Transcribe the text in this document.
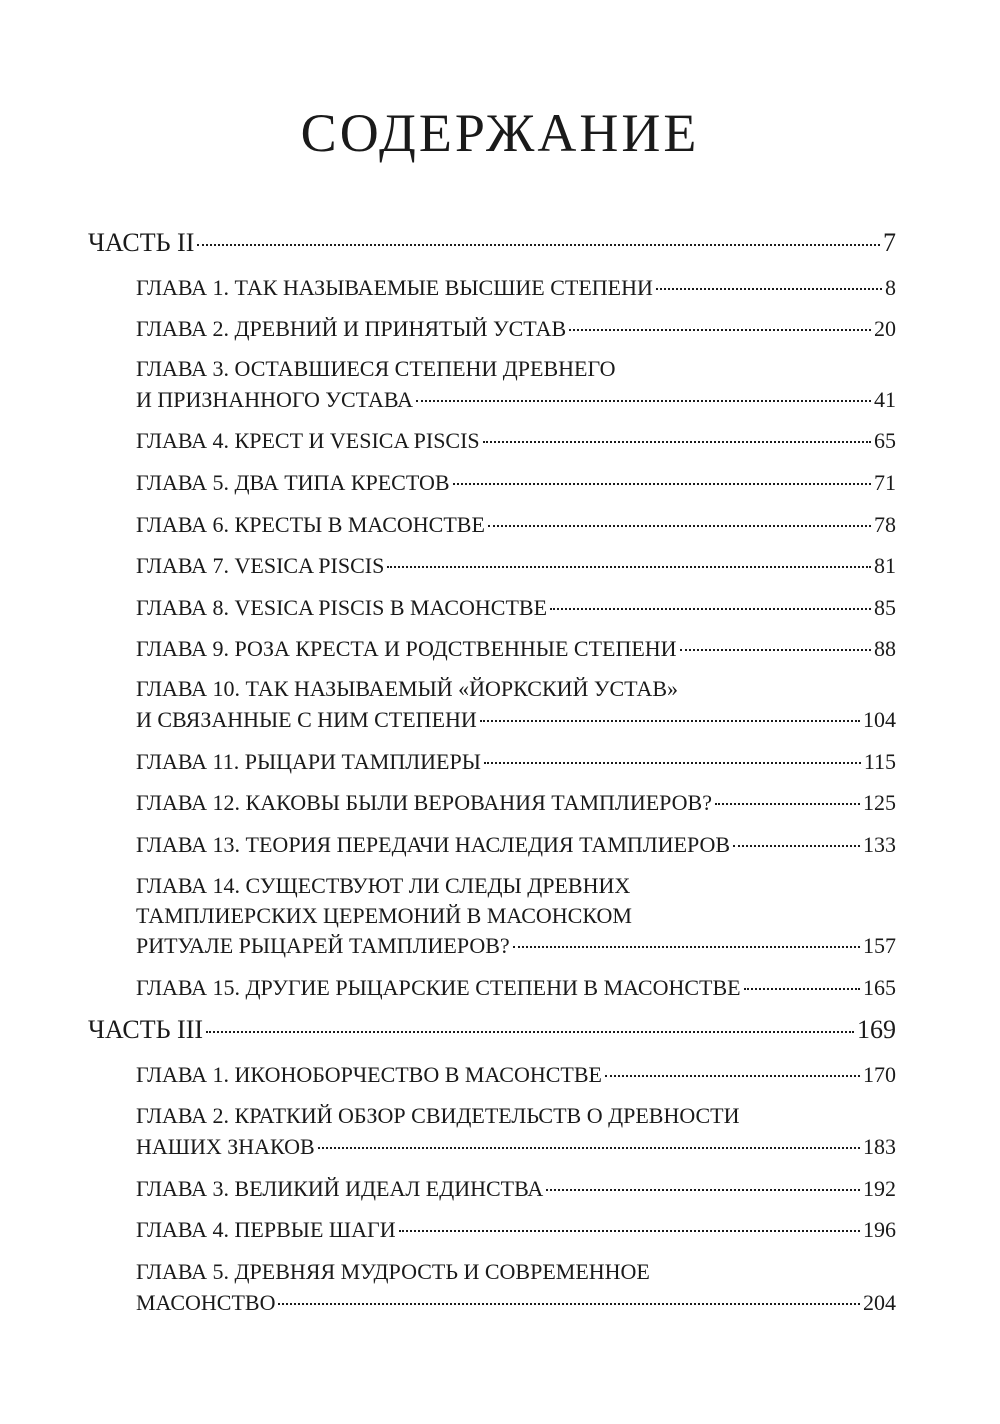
СОДЕРЖАНИЕ
ЧАСТЬ II	7
ГЛАВА 1. ТАК НАЗЫВАЕМЫЕ ВЫСШИЕ СТЕПЕНИ	8
ГЛАВА 2. ДРЕВНИЙ И ПРИНЯТЫЙ УСТАВ	20
ГЛАВА 3. ОСТАВШИЕСЯ СТЕПЕНИ ДРЕВНЕГО
И ПРИЗНАННОГО УСТАВА	41
ГЛАВА 4. КРЕСТ И VESICA PISCIS	65
ГЛАВА 5. ДВА ТИПА КРЕСТОВ	71
ГЛАВА 6. КРЕСТЫ В МАСОНСТВЕ	78
ГЛАВА 7. VESICA PISCIS	81
ГЛАВА 8. VESICA PISCIS В МАСОНСТВЕ	85
ГЛАВА 9. РОЗА КРЕСТА И РОДСТВЕННЫЕ СТЕПЕНИ	88
ГЛАВА 10. ТАК НАЗЫВАЕМЫЙ «ЙОРКСКИЙ УСТАВ»
И СВЯЗАННЫЕ С НИМ СТЕПЕНИ	104
ГЛАВА 11. РЫЦАРИ ТАМПЛИЕРЫ	115
ГЛАВА 12. КАКОВЫ БЫЛИ ВЕРОВАНИЯ ТАМПЛИЕРОВ?	125
ГЛАВА 13. ТЕОРИЯ ПЕРЕДАЧИ НАСЛЕДИЯ ТАМПЛИЕРОВ	133
ГЛАВА 14. СУЩЕСТВУЮТ ЛИ СЛЕДЫ ДРЕВНИХ
ТАМПЛИЕРСКИХ ЦЕРЕМОНИЙ В МАСОНСКОМ
РИТУАЛЕ РЫЦАРЕЙ ТАМПЛИЕРОВ?	157
ГЛАВА 15. ДРУГИЕ РЫЦАРСКИЕ СТЕПЕНИ В МАСОНСТВЕ	165
ЧАСТЬ III	169
ГЛАВА 1. ИКОНОБОРЧЕСТВО В МАСОНСТВЕ	170
ГЛАВА 2. КРАТКИЙ ОБЗОР СВИДЕТЕЛЬСТВ О ДРЕВНОСТИ
НАШИХ ЗНАКОВ	183
ГЛАВА 3. ВЕЛИКИЙ ИДЕАЛ ЕДИНСТВА	192
ГЛАВА 4. ПЕРВЫЕ ШАГИ	196
ГЛАВА 5. ДРЕВНЯЯ МУДРОСТЬ И СОВРЕМЕННОЕ
МАСОНСТВО	204
